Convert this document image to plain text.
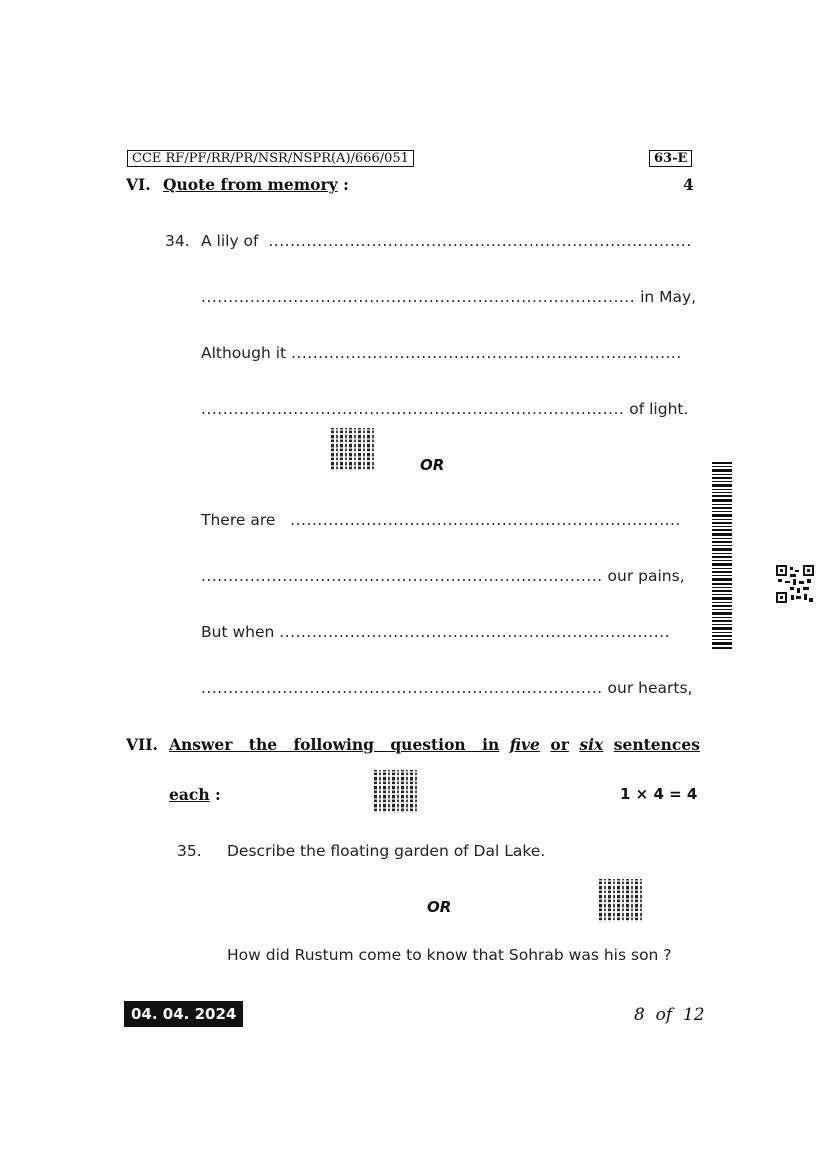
CCE RF/PF/RR/PR/NSR/NSPR(A)/666/051	63-E
VI. Quote from memory :	4
34. A lily of ..............................................................................
................................................................................ in May,
Although it ........................................................................
.............................................................................. of light.
OR
There are ........................................................................
.......................................................................... our pains,
But when ........................................................................
.......................................................................... our hearts,
VII. Answer the following question in five or six sentences
each :	1 × 4 = 4
35. Describe the floating garden of Dal Lake.
OR
How did Rustum come to know that Sohrab was his son ?
04. 04. 2024	8  of  12
